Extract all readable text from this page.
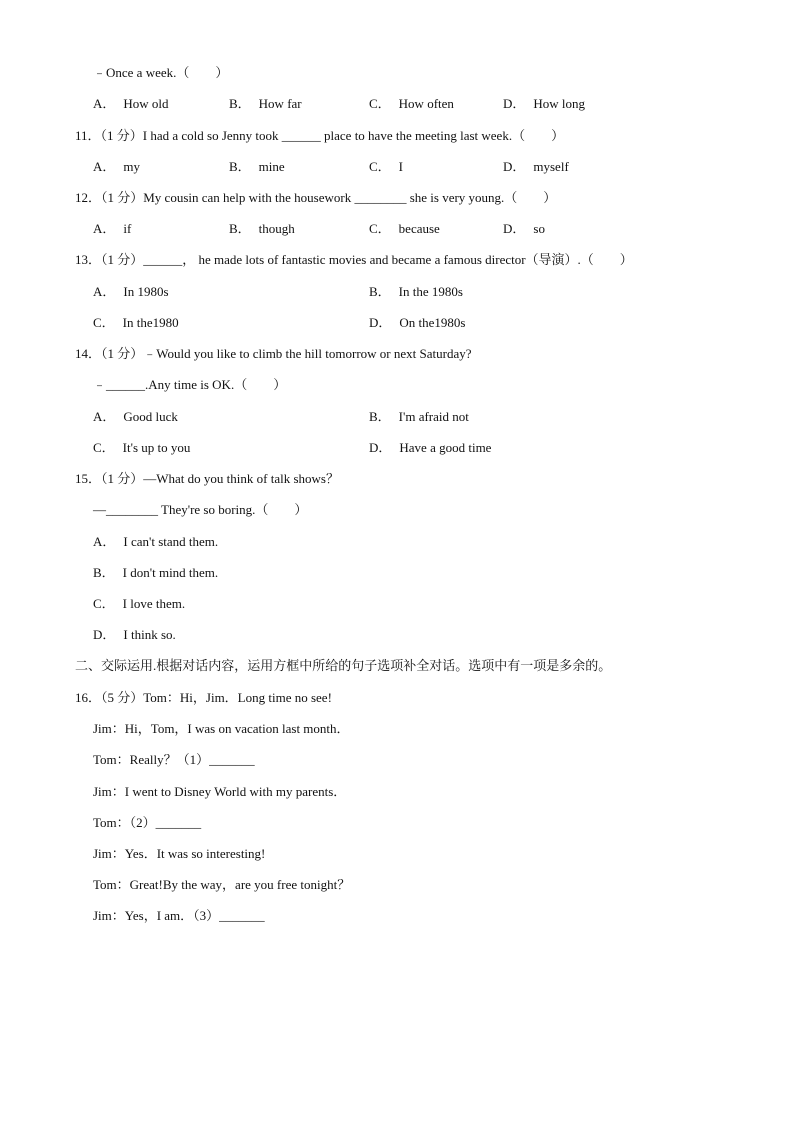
﹣Once a week.（　　）
A． How old	B． How far	C． How often	D． How long
11．（1 分）I had a cold so Jenny took ______ place to have the meeting last week.（　　）
A． my	B． mine	C． I	D． myself
12．（1 分）My cousin can help with the housework ________ she is very young.（　　）
A． if	B． though	C． because	D． so
13．（1 分）______， he made lots of fantastic movies and became a famous director（导演）.（　　）
A． In 1980s	B． In the 1980s
C． In the1980	D． On the1980s
14．（1 分）﹣Would you like to climb the hill tomorrow or next Saturday?
﹣______.Any time is OK.（　　）
A． Good luck	B． I'm afraid not
C． It's up to you	D． Have a good time
15．（1 分）—What do you think of talk shows？
—________ They're so boring.（　　）
A． I can't stand them.
B． I don't mind them.
C． I love them.
D． I think so.
二、交际运用.根据对话内容，运用方框中所给的句子选项补全对话。选项中有一项是多余的。
16．（5 分）Tom：Hi，Jim．Long time no see!
Jim：Hi，Tom，I was on vacation last month．
Tom：Really？（1）_______
Jim：I went to Disney World with my parents．
Tom：（2）_______
Jim：Yes．It was so interesting!
Tom：Great!By the way，are you free tonight？
Jim：Yes，I am．（3）_______
